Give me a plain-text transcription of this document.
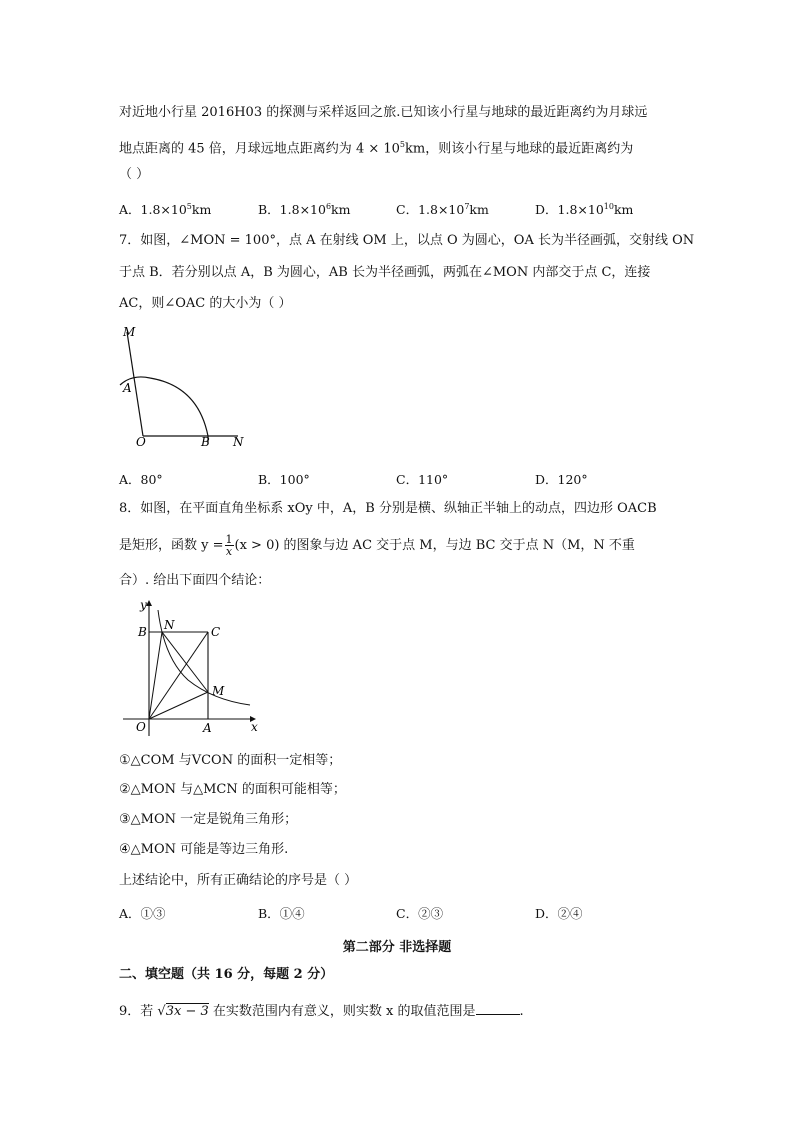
对近地小行星 2016H03 的探测与采样返回之旅.已知该小行星与地球的最近距离约为月球远
地点距离的 45 倍，月球远地点距离约为 $4 \times 10^5km$，则该小行星与地球的最近距离约为
（ ）
A．$1.8\times 10^5km$	B．$1.8\times 10^6km$	C．$1.8\times 10^7km$	D．$1.8\times 10^{10}km$
7．如图，∠MON = 100°，点 A 在射线 OM 上，以点 O 为圆心，OA 长为半径画弧，交射线 ON
于点 B．若分别以点 A，B 为圆心，AB 长为半径画弧，两弧在∠MON 内部交于点 C，连接
AC，则∠OAC 的大小为（ ）
M
A
O	B N
A．80°	B．100°	C．110°	D．120°
8．如图，在平面直角坐标系 xOy 中，A，B 分别是横、纵轴正半轴上的动点，四边形 OACB
是矩形，函数 $y = \frac{1}{x} (x > 0)$ 的图象与边 AC 交于点 M，与边 BC 交于点 N（M，N 不重
合）. 给出下面四个结论：
y
B N	C
M
O	A	x
①△COM 与VCON 的面积一定相等；
②△MON 与△MCN 的面积可能相等；
③△MON 一定是锐角三角形；
④△MON 可能是等边三角形.
上述结论中，所有正确结论的序号是（ ）
A．①③	B．①④	C．②③	D．②④
第二部分 非选择题
二、填空题（共 16 分，每题 2 分）
9．若 √3x − 3 在实数范围内有意义，则实数 x 的取值范围是	.
